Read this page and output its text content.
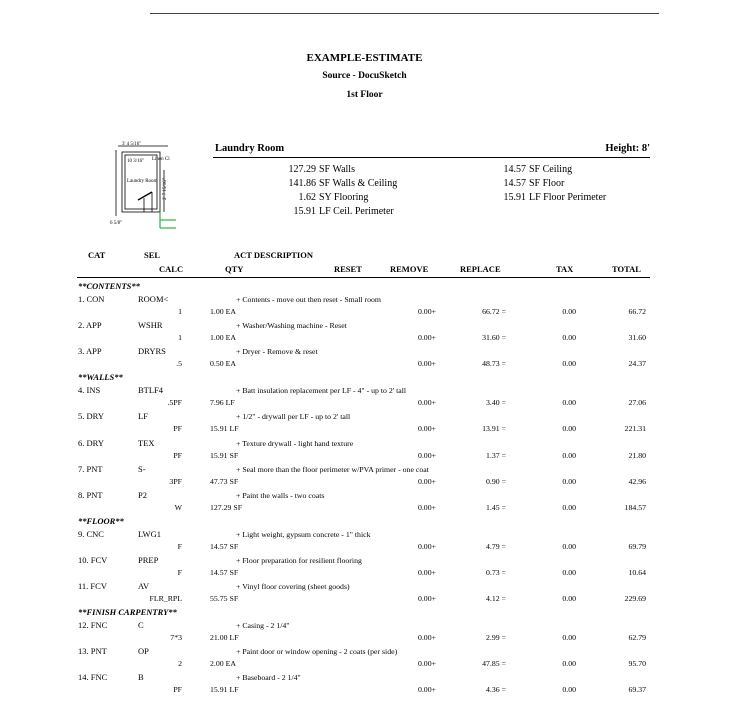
EXAMPLE-ESTIMATE
Source - DocuSketch
1st Floor
3' 4 5/16"
10 3/16"
Laundry Room 2' 7 15/16"
6 5/8"
Linen Cl
Laundry Room	Height: 8'
127.29 SF Walls
141.86 SF Walls & Ceiling
1.62 SY Flooring
15.91 LF Ceil. Perimeter
14.57 SF Ceiling
14.57 SF Floor
15.91 LF Floor Perimeter
CAT	SEL	ACT DESCRIPTION
CALC	QTY	RESET	REMOVE	REPLACE	TAX	TOTAL
**CONTENTS**
1. CON	ROOM<	+ Contents - move out then reset - Small room
1	1.00 EA	0.00+	66.72 =	0.00	66.72
2. APP	WSHR	+ Washer/Washing machine - Reset
1	1.00 EA	0.00+	31.60 =	0.00	31.60
3. APP	DRYRS	+ Dryer - Remove & reset
.5	0.50 EA	0.00+	48.73 =	0.00	24.37
**WALLS**
4. INS	BTLF4	+ Batt insulation replacement per LF - 4" - up to 2' tall
.5PF	7.96 LF	0.00+	3.40 =	0.00	27.06
5. DRY	LF	+ 1/2" - drywall per LF - up to 2' tall
PF	15.91 LF	0.00+	13.91 =	0.00	221.31
6. DRY	TEX	+ Texture drywall - light hand texture
PF	15.91 SF	0.00+	1.37 =	0.00	21.80
7. PNT	S-	+ Seal more than the floor perimeter w/PVA primer - one coat
3PF	47.73 SF	0.00+	0.90 =	0.00	42.96
8. PNT	P2	+ Paint the walls - two coats
W	127.29 SF	0.00+	1.45 =	0.00	184.57
**FLOOR**
9. CNC	LWG1	+ Light weight, gypsum concrete - 1" thick
F	14.57 SF	0.00+	4.79 =	0.00	69.79
10. FCV	PREP	+ Floor preparation for resilient flooring
F	14.57 SF	0.00+	0.73 =	0.00	10.64
11. FCV	AV	+ Vinyl floor covering (sheet goods)
FLR_RPL	55.75 SF	0.00+	4.12 =	0.00	229.69
**FINISH CARPENTRY**
12. FNC	C	+ Casing - 2 1/4"
7*3	21.00 LF	0.00+	2.99 =	0.00	62.79
13. PNT	OP	+ Paint door or window opening - 2 coats (per side)
2	2.00 EA	0.00+	47.85 =	0.00	95.70
14. FNC	B	+ Baseboard - 2 1/4"
PF	15.91 LF	0.00+	4.36 =	0.00	69.37
